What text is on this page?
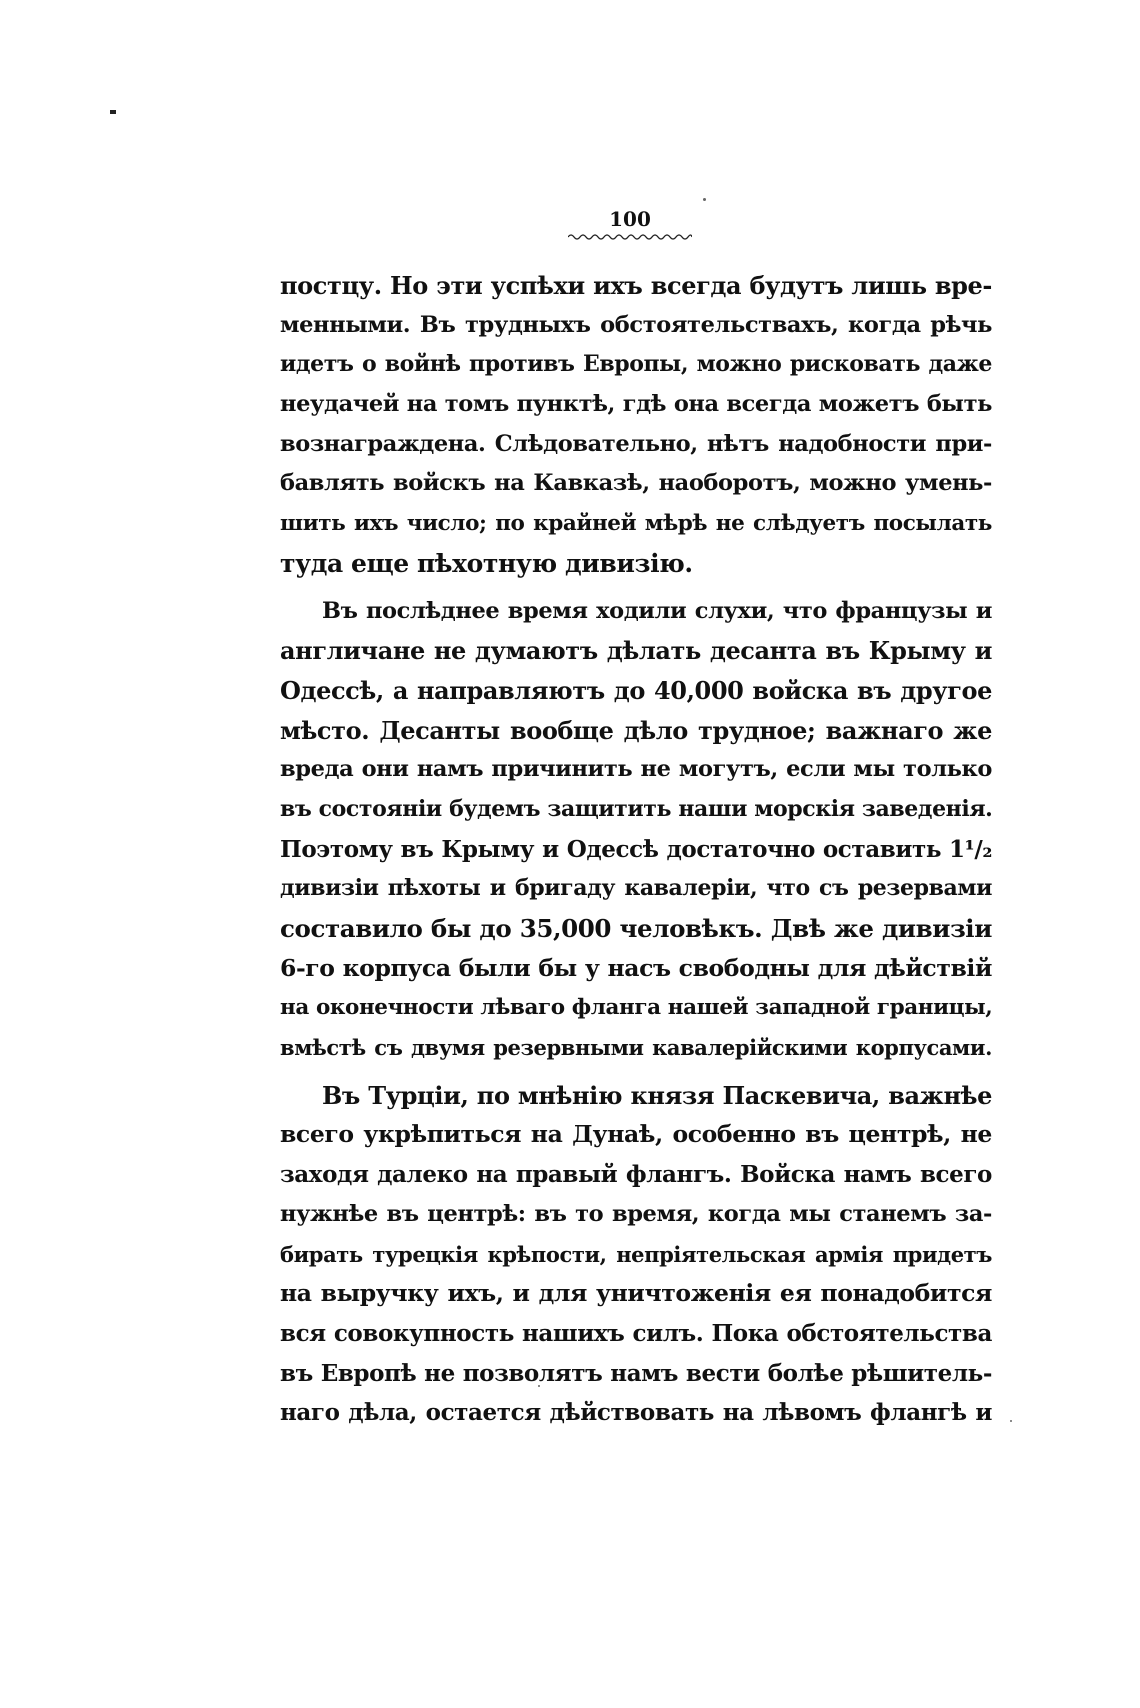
100
постцу. Но эти успѣхи ихъ всегда будутъ лишь вре-
менными. Въ трудныхъ обстоятельствахъ, когда рѣчь
идетъ о войнѣ противъ Европы, можно рисковать даже
неудачей на томъ пунктѣ, гдѣ она всегда можетъ быть
вознаграждена. Слѣдовательно, нѣтъ надобности при-
бавлять войскъ на Кавказѣ, наоборотъ, можно умень-
шить ихъ число; по крайней мѣрѣ не слѣдуетъ посылать
туда еще пѣхотную дивизію.
Въ послѣднее время ходили слухи, что французы и
англичане не думаютъ дѣлать десанта въ Крыму и
Одессѣ, а направляютъ до 40,000 войска въ другое
мѣсто. Десанты вообще дѣло трудное; важнаго же
вреда они намъ причинить не могутъ, если мы только
въ состояніи будемъ защитить наши морскія заведенія.
Поэтому въ Крыму и Одессѣ достаточно оставить 1¹/₂
дивизіи пѣхоты и бригаду кавалеріи, что съ резервами
составило бы до 35,000 человѣкъ. Двѣ же дивизіи
6-го корпуса были бы у насъ свободны для дѣйствій
на оконечности лѣваго фланга нашей западной границы,
вмѣстѣ съ двумя резервными кавалерійскими корпусами.
Въ Турціи, по мнѣнію князя Паскевича, важнѣе
всего укрѣпиться на Дунаѣ, особенно въ центрѣ, не
заходя далеко на правый флангъ. Войска намъ всего
нужнѣе въ центрѣ: въ то время, когда мы станемъ за-
бирать турецкія крѣпости, непріятельская армія придетъ
на выручку ихъ, и для уничтоженія ея понадобится
вся совокупность нашихъ силъ. Пока обстоятельства
въ Европѣ не позволятъ намъ вести болѣе рѣшитель-
наго дѣла, остается дѣйствовать на лѣвомъ флангѣ и
